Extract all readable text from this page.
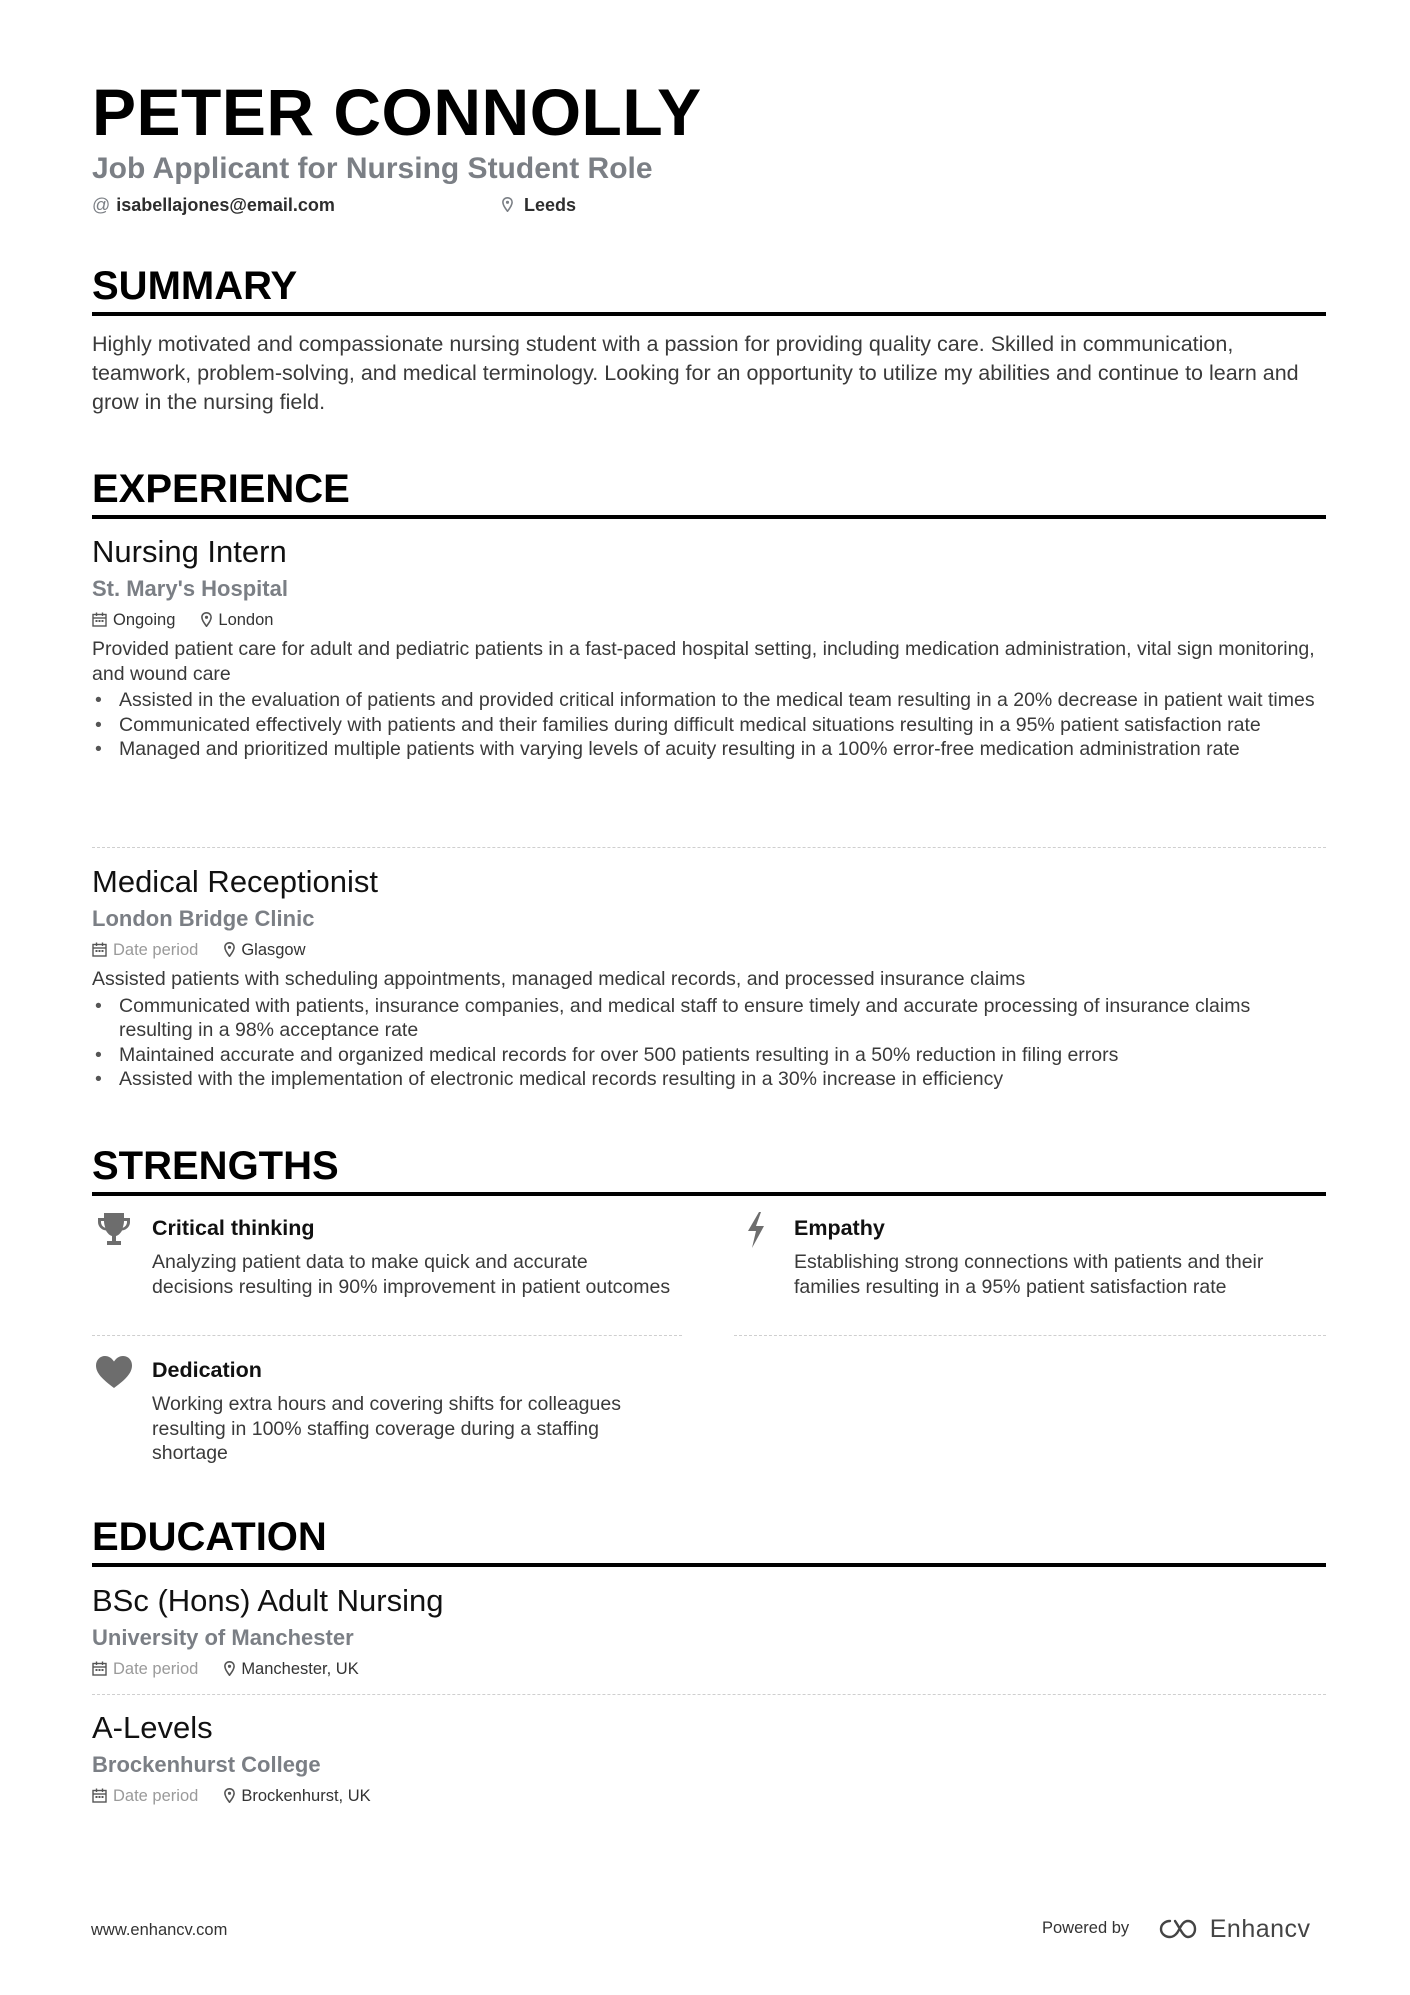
PETER CONNOLLY
Job Applicant for Nursing Student Role
@ isabellajones@email.com	Leeds
SUMMARY
Highly motivated and compassionate nursing student with a passion for providing quality care. Skilled in communication, teamwork, problem-solving, and medical terminology. Looking for an opportunity to utilize my abilities and continue to learn and grow in the nursing field.
EXPERIENCE
Nursing Intern
St. Mary's Hospital
Ongoing	London
Provided patient care for adult and pediatric patients in a fast-paced hospital setting, including medication administration, vital sign monitoring, and wound care
• Assisted in the evaluation of patients and provided critical information to the medical team resulting in a 20% decrease in patient wait times
• Communicated effectively with patients and their families during difficult medical situations resulting in a 95% patient satisfaction rate
• Managed and prioritized multiple patients with varying levels of acuity resulting in a 100% error-free medication administration rate
Medical Receptionist
London Bridge Clinic
Date period	Glasgow
Assisted patients with scheduling appointments, managed medical records, and processed insurance claims
• Communicated with patients, insurance companies, and medical staff to ensure timely and accurate processing of insurance claims resulting in a 98% acceptance rate
• Maintained accurate and organized medical records for over 500 patients resulting in a 50% reduction in filing errors
• Assisted with the implementation of electronic medical records resulting in a 30% increase in efficiency
STRENGTHS
Critical thinking
Analyzing patient data to make quick and accurate decisions resulting in 90% improvement in patient outcomes
Empathy
Establishing strong connections with patients and their families resulting in a 95% patient satisfaction rate
Dedication
Working extra hours and covering shifts for colleagues resulting in 100% staffing coverage during a staffing shortage
EDUCATION
BSc (Hons) Adult Nursing
University of Manchester
Date period	Manchester, UK
A-Levels
Brockenhurst College
Date period	Brockenhurst, UK
www.enhancv.com	Powered by	Enhancv
